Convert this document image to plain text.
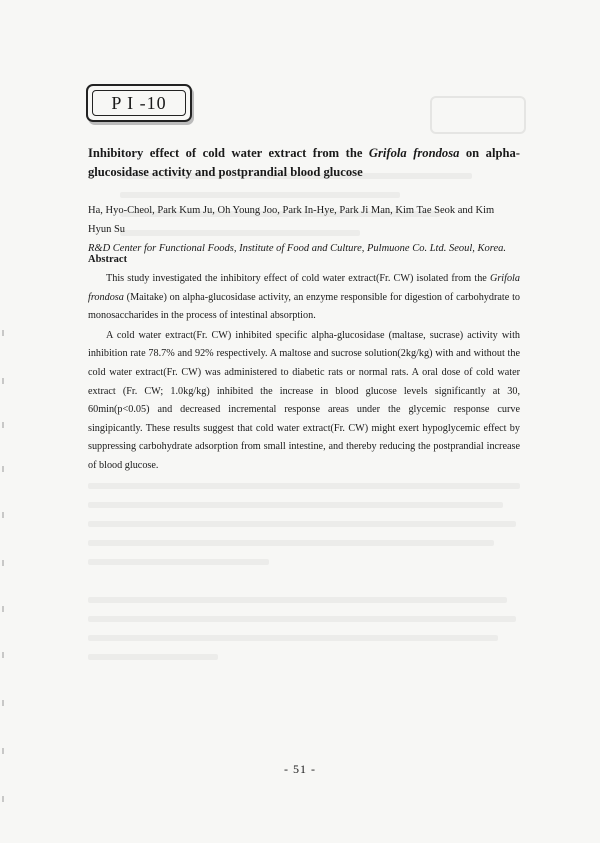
P I -10
Inhibitory effect of cold water extract from the Grifola frondosa on alpha-glucosidase activity and postprandial blood glucose
Ha, Hyo-Cheol, Park Kum Ju, Oh Young Joo, Park In-Hye, Park Ji Man, Kim Tae Seok and Kim Hyun Su
R&D Center for Functional Foods, Institute of Food and Culture, Pulmuone Co. Ltd. Seoul, Korea.
Abstract

This study investigated the inhibitory effect of cold water extract(Fr. CW) isolated from the Grifola frondosa (Maitake) on alpha-glucosidase activity, an enzyme responsible for digestion of carbohydrate to monosaccharides in the process of intestinal absorption.

A cold water extract(Fr. CW) inhibited specific alpha-glucosidase (maltase, sucrase) activity with inhibition rate 78.7% and 92% respectively. A maltose and sucrose solution(2kg/kg) with and without the cold water extract(Fr. CW) was administered to diabetic rats or normal rats. A oral dose of cold water extract (Fr. CW; 1.0kg/kg) inhibited the increase in blood glucose levels significantly at 30, 60min(p<0.05) and decreased incremental response areas under the glycemic response curve singipicantly. These results suggest that cold water extract(Fr. CW) might exert hypoglycemic effect by suppressing carbohydrate adsorption from small intestine, and thereby reducing the postprandial increase of blood glucose.

- 51 -
